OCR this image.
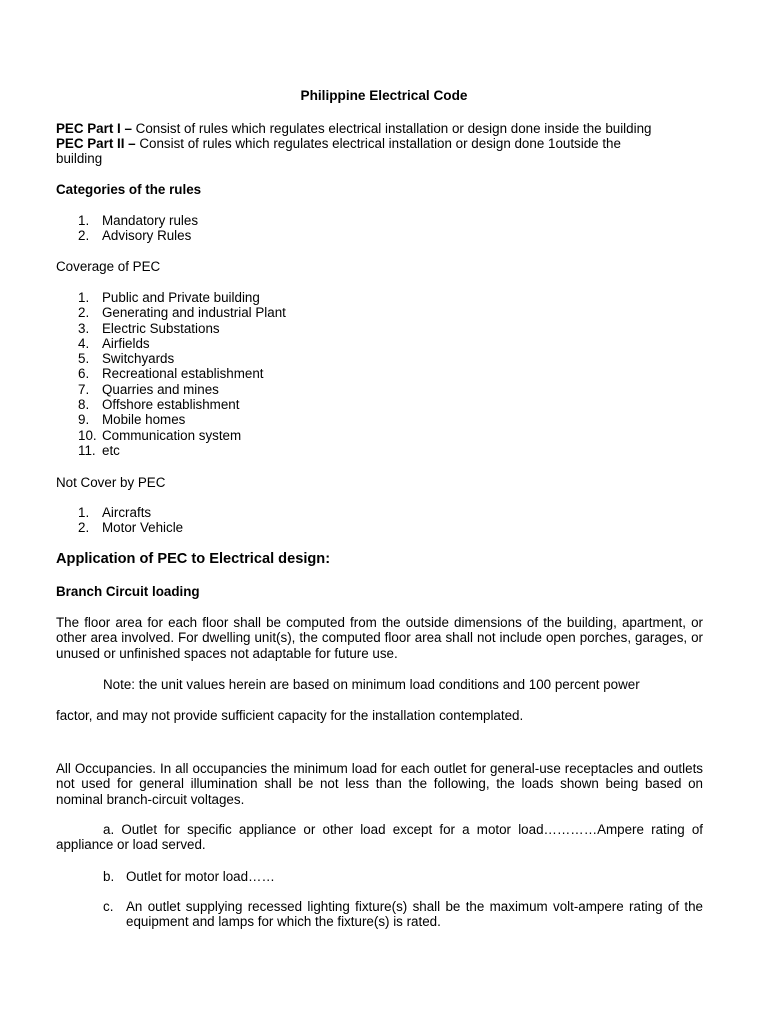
Philippine Electrical Code
PEC Part I – Consist of rules which regulates electrical installation or design done inside the building
PEC Part II – Consist of rules which regulates electrical installation or design done 1outside the
building
Categories of the rules
1. Mandatory rules
2. Advisory Rules
Coverage of PEC
1. Public and Private building
2. Generating and industrial Plant
3. Electric Substations
4. Airfields
5. Switchyards
6. Recreational establishment
7. Quarries and mines
8. Offshore establishment
9. Mobile homes
10. Communication system
11. etc
Not Cover by PEC
1. Aircrafts
2. Motor Vehicle
Application of PEC to Electrical design:
Branch Circuit loading
The floor area for each floor shall be computed from the outside dimensions of the building, apartment, or other area involved. For dwelling unit(s), the computed floor area shall not include open porches, garages, or unused or unfinished spaces not adaptable for future use.
Note: the unit values herein are based on minimum load conditions and 100 percent power
factor, and may not provide sufficient capacity for the installation contemplated.
All Occupancies. In all occupancies the minimum load for each outlet for general-use receptacles and outlets not used for general illumination shall be not less than the following, the loads shown being based on nominal branch-circuit voltages.
a. Outlet for specific appliance or other load except for a motor load…………Ampere rating of appliance or load served.
b. Outlet for motor load……
c. An outlet supplying recessed lighting fixture(s) shall be the maximum volt-ampere rating of the equipment and lamps for which the fixture(s) is rated.
